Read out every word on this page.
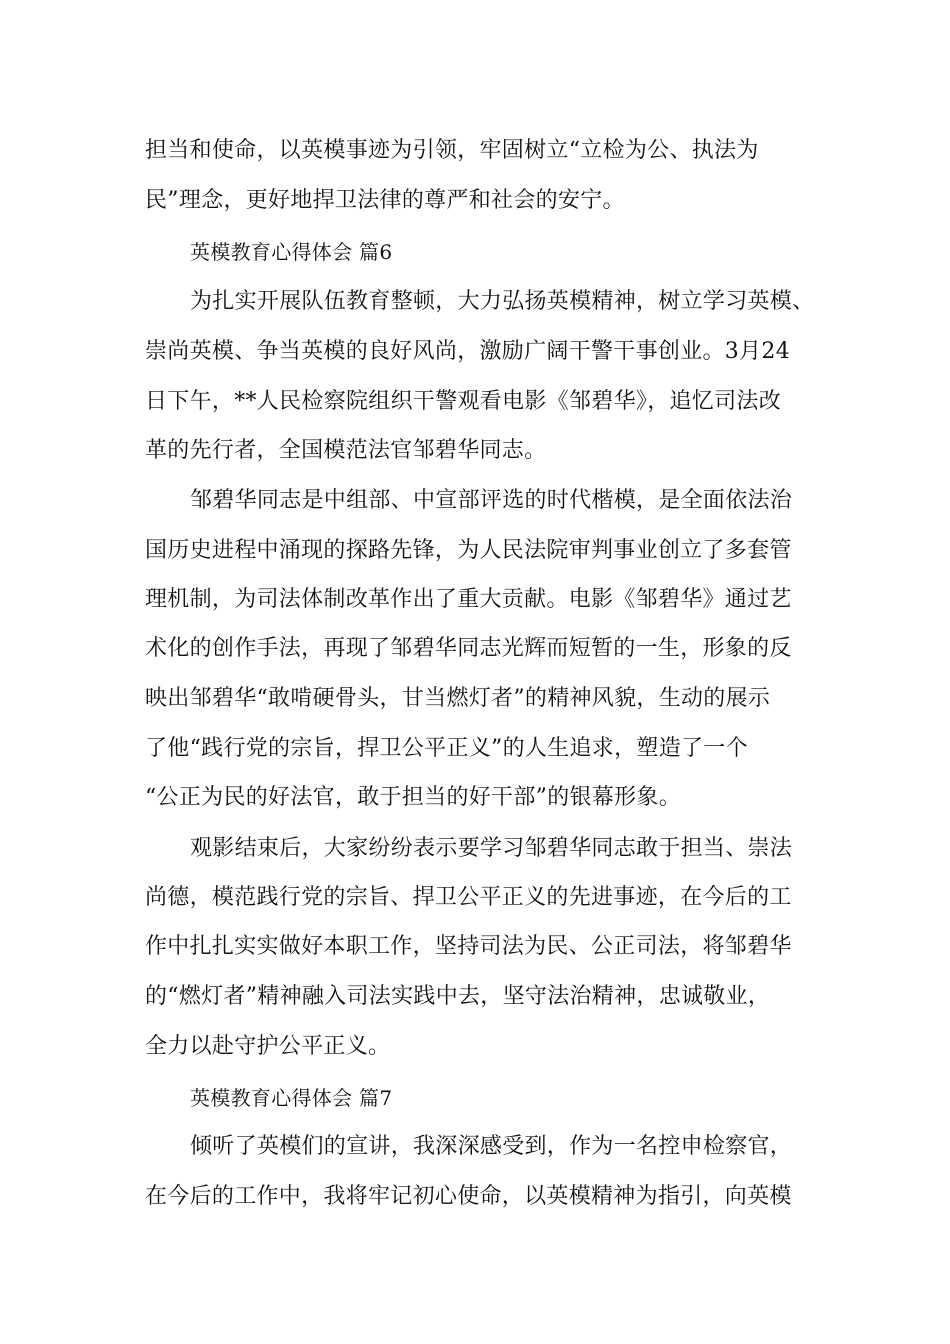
担当和使命，以英模事迹为引领，牢固树立“立检为公、执法为
民”理念，更好地捍卫法律的尊严和社会的安宁。
英模教育心得体会 篇6
为扎实开展队伍教育整顿，大力弘扬英模精神，树立学习英模、
崇尚英模、争当英模的良好风尚，激励广阔干警干事创业。3月24
日下午，**人民检察院组织干警观看电影《邹碧华》，追忆司法改
革的先行者，全国模范法官邹碧华同志。
邹碧华同志是中组部、中宣部评选的时代楷模，是全面依法治
国历史进程中涌现的探路先锋，为人民法院审判事业创立了多套管
理机制，为司法体制改革作出了重大贡献。电影《邹碧华》通过艺
术化的创作手法，再现了邹碧华同志光辉而短暂的一生，形象的反
映出邹碧华“敢啃硬骨头，甘当燃灯者”的精神风貌，生动的展示
了他“践行党的宗旨，捍卫公平正义”的人生追求，塑造了一个
“公正为民的好法官，敢于担当的好干部”的银幕形象。
观影结束后，大家纷纷表示要学习邹碧华同志敢于担当、崇法
尚德，模范践行党的宗旨、捍卫公平正义的先进事迹，在今后的工
作中扎扎实实做好本职工作，坚持司法为民、公正司法，将邹碧华
的“燃灯者”精神融入司法实践中去，坚守法治精神，忠诚敬业，
全力以赴守护公平正义。
英模教育心得体会 篇7
倾听了英模们的宣讲，我深深感受到，作为一名控申检察官，
在今后的工作中，我将牢记初心使命，以英模精神为指引，向英模
